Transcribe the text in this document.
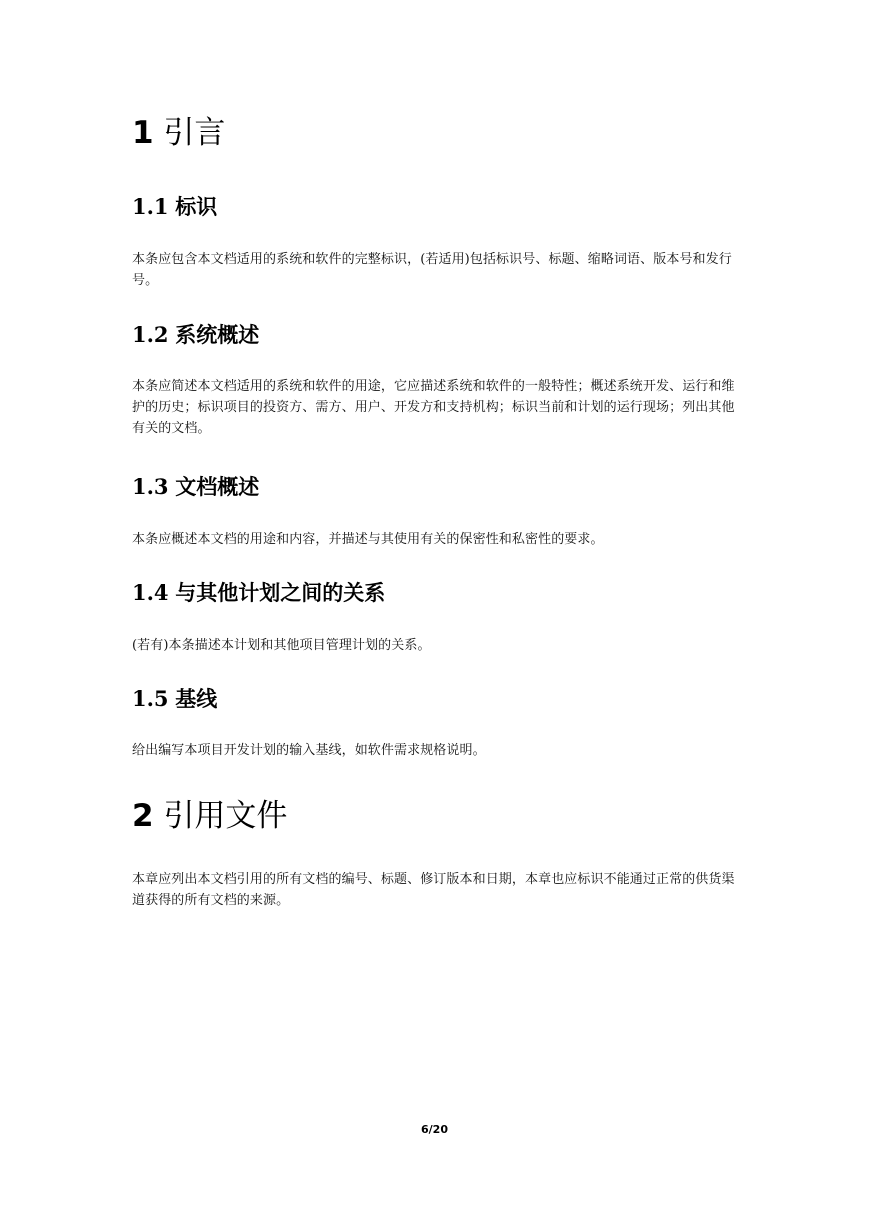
1 引言
1.1 标识

本条应包含本文档适用的系统和软件的完整标识，(若适用)包括标识号、标题、缩略词语、版本号和发行号。

1.2 系统概述

本条应简述本文档适用的系统和软件的用途，它应描述系统和软件的一般特性；概述系统开发、运行和维护的历史；标识项目的投资方、需方、用户、开发方和支持机构；标识当前和计划的运行现场；列出其他有关的文档。

1.3 文档概述

本条应概述本文档的用途和内容，并描述与其使用有关的保密性和私密性的要求。

1.4 与其他计划之间的关系

(若有)本条描述本计划和其他项目管理计划的关系。

1.5 基线

给出编写本项目开发计划的输入基线，如软件需求规格说明。

2 引用文件

本章应列出本文档引用的所有文档的编号、标题、修订版本和日期，本章也应标识不能通过正常的供货渠道获得的所有文档的来源。

6/20
